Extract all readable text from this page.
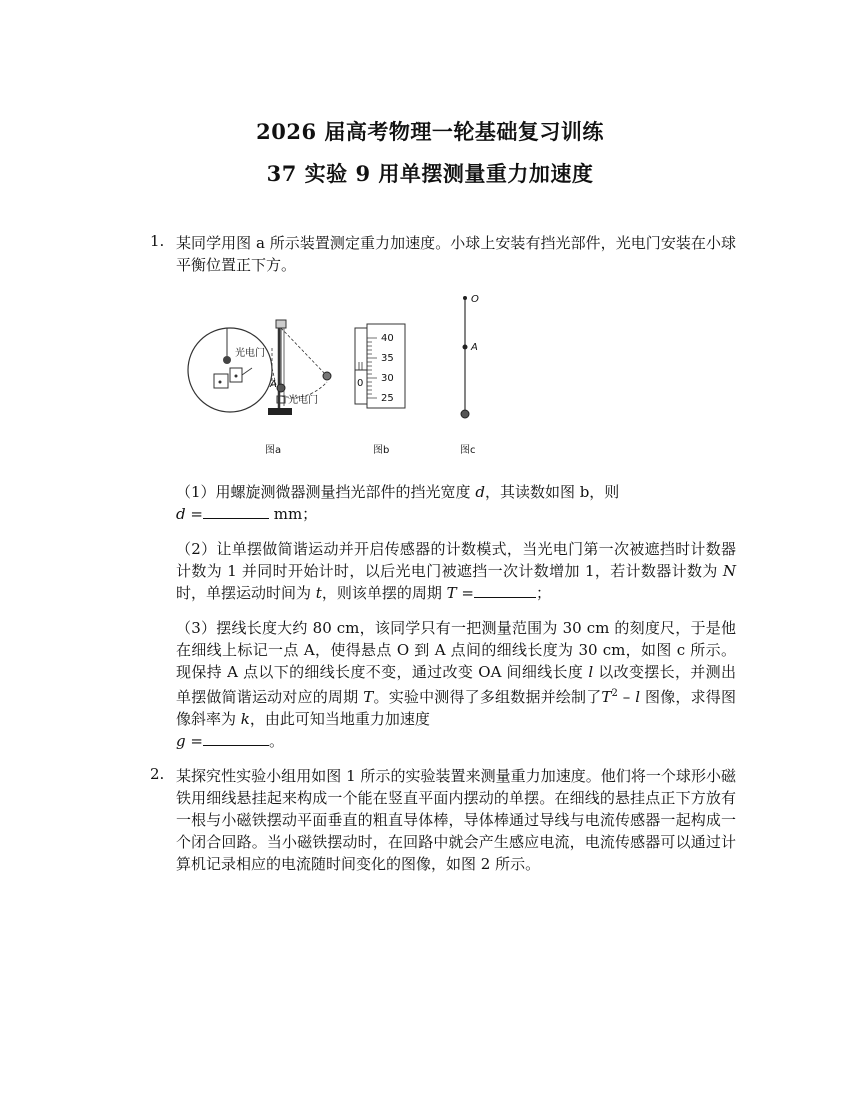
2026 届高考物理一轮基础复习训练
37 实验 9 用单摆测量重力加速度
1. 某同学用图 a 所示装置测定重力加速度。小球上安装有挡光部件，光电门安装在小球平衡位置正下方。
光电门
A
光电门
图a
0
40
35
30
25
图b
O
A
图c
（1）用螺旋测微器测量挡光部件的挡光宽度 d，其读数如图 b，则
d =	mm；
（2）让单摆做简谐运动并开启传感器的计数模式，当光电门第一次被遮挡时计数器计数为 1 并同时开始计时，以后光电门被遮挡一次计数增加 1，若计数器计数为 N 时，单摆运动时间为 t，则该单摆的周期 T =	；
（3）摆线长度大约 80 cm，该同学只有一把测量范围为 30 cm 的刻度尺，于是他在细线上标记一点 A，使得悬点 O 到 A 点间的细线长度为 30 cm，如图 c 所示。现保持 A 点以下的细线长度不变，通过改变 OA 间细线长度 l 以改变摆长，并测出单摆做简谐运动对应的周期 T。实验中测得了多组数据并绘制了$T^2$ – l 图像，求得图像斜率为 k，由此可知当地重力加速度
g =	。
2. 某探究性实验小组用如图 1 所示的实验装置来测量重力加速度。他们将一个球形小磁铁用细线悬挂起来构成一个能在竖直平面内摆动的单摆。在细线的悬挂点正下方放有一根与小磁铁摆动平面垂直的粗直导体棒，导体棒通过导线与电流传感器一起构成一个闭合回路。当小磁铁摆动时，在回路中就会产生感应电流，电流传感器可以通过计算机记录相应的电流随时间变化的图像，如图 2 所示。
